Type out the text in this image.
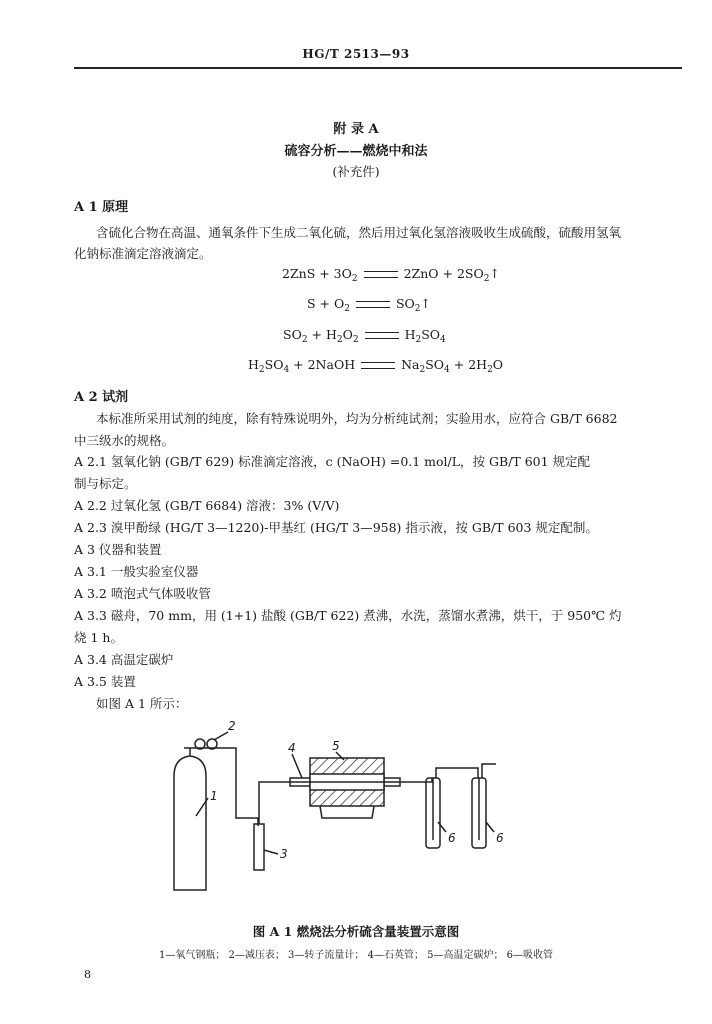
HG/T 2513—93
附 录 A
硫容分析——燃烧中和法
(补充件)
A 1 原理
含硫化合物在高温、通氧条件下生成二氧化硫，然后用过氧化氢溶液吸收生成硫酸，硫酸用氢氧
化钠标准滴定溶液滴定。
$2ZnS + 3O_2$	$2ZnO + 2SO_2↑$
$S + O_2$	$SO_2↑$
$SO_2 + H_2O_2$	$H_2SO_4$
$H_2SO_4$ + 2NaOH	$Na_2SO_4 + 2H_2O$
A 2 试剂
本标准所采用试剂的纯度，除有特殊说明外，均为分析纯试剂；实验用水，应符合 GB/T 6682
中三级水的规格。
A 2.1 氢氧化钠 (GB/T 629) 标准滴定溶液，c (NaOH) =0.1 mol/L，按 GB/T 601 规定配
制与标定。
A 2.2 过氧化氢 (GB/T 6684) 溶液：3% (V/V)
A 2.3 溴甲酚绿 (HG/T 3—1220)-甲基红 (HG/T 3—958) 指示液，按 GB/T 603 规定配制。
A 3 仪器和装置
A 3.1 一般实验室仪器
A 3.2 喷泡式气体吸收管
A 3.3 磁舟，70 mm，用 (1+1) 盐酸 (GB/T 622) 煮沸，水洗，蒸馏水煮沸，烘干，于 950℃ 灼
烧 1 h。
A 3.4 高温定碳炉
A 3.5 装置
如图 A 1 所示：
1
2
3
4	5
6	6
图 A 1 燃烧法分析硫含量装置示意图
1—氧气钢瓶； 2—减压表； 3—转子流量计； 4—石英管； 5—高温定碳炉； 6—吸收管
8
